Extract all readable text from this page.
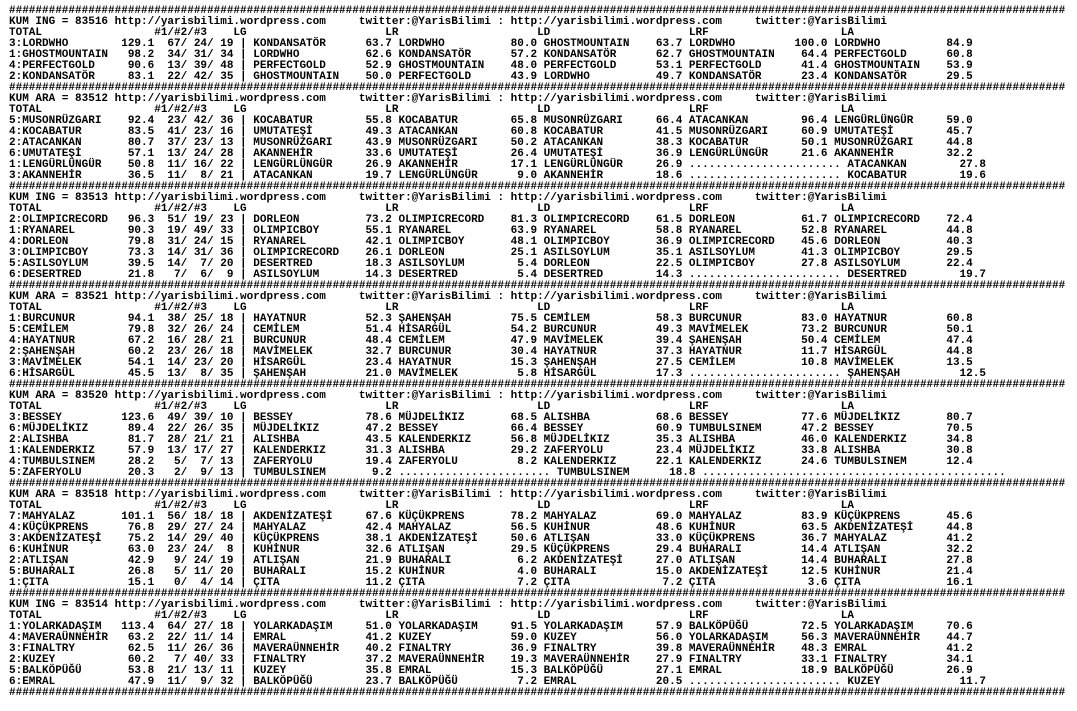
################################################################################################################################################################
KUM ING = 83516 http://yarisbilimi.wordpress.com     twitter:@YarisBilimi : http://yarisbilimi.wordpress.com     twitter:@YarisBilimi
TOTAL                 #1/#2/#3    LG                     LR                     LD                     LRF                    LA
3:LORDWHO        129.1  67/ 24/ 19 | KONDANSATÖR      63.7 LORDWHO          80.0 GHOSTMOUNTAIN    63.7 LORDWHO         100.0 LORDWHO          84.9
1:GHOSTMOUNTAIN   98.2  34/ 31/ 34 | LORDWHO          62.6 KONDANSATÖR      57.2 KONDANSATÖR      62.7 GHOSTMOUNTAIN    64.4 PERFECTGOLD      60.8
4:PERFECTGOLD     90.6  13/ 39/ 48 | PERFECTGOLD      52.9 GHOSTMOUNTAIN    48.0 PERFECTGOLD      53.1 PERFECTGOLD      41.4 GHOSTMOUNTAIN    53.9
2:KONDANSATÖR     83.1  22/ 42/ 35 | GHOSTMOUNTAIN    50.0 PERFECTGOLD      43.9 LORDWHO          49.7 KONDANSATÖR      23.4 KONDANSATÖR      29.5
################################################################################################################################################################
KUM ARA = 83512 http://yarisbilimi.wordpress.com     twitter:@YarisBilimi : http://yarisbilimi.wordpress.com     twitter:@YarisBilimi
TOTAL                 #1/#2/#3    LG                     LR                     LD                     LRF                    LA
5:MUSONRÜZGARI    92.4  23/ 42/ 36 | KOCABATUR        55.8 KOCABATUR        65.8 MUSONRÜZGARI     66.4 ATACANKAN        96.4 LENGÜRLÜNGÜR     59.0
4:KOCABATUR       83.5  41/ 23/ 16 | UMUTATEŞİ        49.3 ATACANKAN        60.8 KOCABATUR        41.5 MUSONRÜZGARI     60.9 UMUTATEŞİ        45.7
2:ATACANKAN       80.7  37/ 23/ 13 | MUSONRÜZGARI     43.9 MUSONRÜZGARI     50.2 ATACANKAN        38.3 KOCABATUR        50.1 MUSONRÜZGARI     44.8
6:UMUTATEŞİ       57.1  13/ 24/ 28 | AKANNEHİR        33.6 UMUTATEŞİ        26.4 UMUTATEŞİ        36.9 LENGÜRLÜNGÜR     21.6 AKANNEHİR        32.2
1:LENGÜRLÜNGÜR    50.8  11/ 16/ 22 | LENGÜRLÜNGÜR     26.9 AKANNEHİR        17.1 LENGÜRLÜNGÜR     26.9 ....................... ATACANKAN        27.8
3:AKANNEHİR       36.5  11/  8/ 21 | ATACANKAN        19.7 LENGÜRLÜNGÜR      9.0 AKANNEHİR        18.6 ....................... KOCABATUR        19.6
################################################################################################################################################################
KUM ING = 83513 http://yarisbilimi.wordpress.com     twitter:@YarisBilimi : http://yarisbilimi.wordpress.com     twitter:@YarisBilimi
TOTAL                 #1/#2/#3    LG                     LR                     LD                     LRF                    LA
2:OLIMPICRECORD   96.3  51/ 19/ 23 | DORLEON          73.2 OLIMPICRECORD    81.3 OLIMPICRECORD    61.5 DORLEON          61.7 OLIMPICRECORD    72.4
1:RYANAREL        90.3  19/ 49/ 33 | OLIMPICBOY       55.1 RYANAREL         63.9 RYANAREL         58.8 RYANAREL         52.8 RYANAREL         44.8
4:DORLEON         79.8  31/ 24/ 15 | RYANAREL         42.1 OLIMPICBOY       48.1 OLIMPICBOY       36.9 OLIMPICRECORD    45.6 DORLEON          40.3
3:OLIMPICBOY      73.3  14/ 31/ 36 | OLIMPICRECORD    26.1 DORLEON          25.1 ASILSOYLUM       35.1 ASILSOYLUM       41.3 OLIMPICBOY       29.5
5:ASILSOYLUM      39.5  14/  7/ 20 | DESERTRED        18.3 ASILSOYLUM        5.4 DORLEON          22.5 OLIMPICBOY       27.8 ASILSOYLUM       22.4
6:DESERTRED       21.8   7/  6/  9 | ASILSOYLUM       14.3 DESERTRED         5.4 DESERTRED        14.3 ....................... DESERTRED        19.7
################################################################################################################################################################
KUM ARA = 83521 http://yarisbilimi.wordpress.com     twitter:@YarisBilimi : http://yarisbilimi.wordpress.com     twitter:@YarisBilimi
TOTAL                 #1/#2/#3    LG                     LR                     LD                     LRF                    LA
1:BURCUNUR        94.1  38/ 25/ 18 | HAYATNUR         52.3 ŞAHENŞAH         75.5 CEMİLEM          58.3 BURCUNUR         83.0 HAYATNUR         60.8
5:CEMİLEM         79.8  32/ 26/ 24 | CEMİLEM          51.4 HİSARGÜL         54.2 BURCUNUR         49.3 MAVİMELEK        73.2 BURCUNUR         50.1
4:HAYATNUR        67.2  16/ 28/ 21 | BURCUNUR         48.4 CEMİLEM          47.9 MAVİMELEK        39.4 ŞAHENŞAH         50.4 CEMİLEM          47.4
2:ŞAHENŞAH        60.2  23/ 26/ 18 | MAVİMELEK        32.7 BURCUNUR         30.4 HAYATNUR         37.3 HAYATNUR         11.7 HİSARGÜL         44.8
3:MAVİMELEK       54.1  14/ 23/ 20 | HİSARGÜL         23.4 HAYATNUR         15.3 ŞAHENŞAH         27.5 CEMİLEM          10.8 MAVİMELEK        13.5
6:HİSARGÜL        45.5  13/  8/ 35 | ŞAHENŞAH         21.0 MAVİMELEK         5.8 HİSARGÜL         17.3 ....................... ŞAHENŞAH         12.5
################################################################################################################################################################
KUM ARA = 83520 http://yarisbilimi.wordpress.com     twitter:@YarisBilimi : http://yarisbilimi.wordpress.com     twitter:@YarisBilimi
TOTAL                 #1/#2/#3    LG                     LR                     LD                     LRF                    LA
3:BESSEY         123.6  49/ 39/ 10 | BESSEY           78.6 MÜJDELİKIZ       68.5 ALISHBA          68.6 BESSEY           77.6 MÜJDELİKIZ       80.7
6:MÜJDELİKIZ      89.4  22/ 26/ 35 | MÜJDELİKIZ       47.2 BESSEY           66.4 BESSEY           60.9 TUMBULSINEM      47.2 BESSEY           70.5
2:ALISHBA         81.7  28/ 21/ 21 | ALISHBA          43.5 KALENDERKIZ      56.8 MÜJDELİKIZ       35.3 ALISHBA          46.0 KALENDERKIZ      34.8
1:KALENDERKIZ     57.9  13/ 17/ 27 | KALENDERKIZ      31.3 ALISHBA          29.2 ZAFERYOLU        23.4 MÜJDELİKIZ       33.8 ALISHBA          30.8
4:TUMBULSINEM     28.2   5/  7/ 13 | ZAFERYOLU        19.4 ZAFERYOLU         8.2 KALENDERKIZ      22.1 KALENDERKIZ      24.6 TUMBULSINEM      12.4
5:ZAFERYOLU       20.3   2/  9/ 13 | TUMBULSINEM       9.2 ....................... TUMBULSINEM      18.8 ..............................................
################################################################################################################################################################
KUM ARA = 83518 http://yarisbilimi.wordpress.com     twitter:@YarisBilimi : http://yarisbilimi.wordpress.com     twitter:@YarisBilimi
TOTAL                 #1/#2/#3    LG                     LR                     LD                     LRF                    LA
7:MAHYALAZ       101.1  56/ 18/ 18 | AKDENİZATEŞİ     67.6 KÜÇÜKPRENS       78.2 MAHYALAZ         69.0 MAHYALAZ         83.9 KÜÇÜKPRENS       45.6
4:KÜÇÜKPRENS      76.8  29/ 27/ 24 | MAHYALAZ         42.4 MAHYALAZ         56.5 KUHİNUR          48.6 KUHİNUR          63.5 AKDENİZATEŞİ     44.8
3:AKDENİZATEŞİ    75.2  14/ 29/ 40 | KÜÇÜKPRENS       38.1 AKDENİZATEŞİ     50.6 ATLIŞAN          33.0 KÜÇÜKPRENS       36.7 MAHYALAZ         41.2
6:KUHİNUR         63.0  23/ 24/  8 | KUHİNUR          32.6 ATLIŞAN          29.5 KÜÇÜKPRENS       29.4 BUHARALI         14.4 ATLIŞAN          32.2
2:ATLIŞAN         42.9   9/ 24/ 19 | ATLIŞAN          21.9 BUHARALI          6.2 AKDENİZATEŞİ     27.0 ATLIŞAN          14.4 BUHARALI         27.8
5:BUHARALI        26.8   5/ 11/ 20 | BUHARALI         15.2 KUHİNUR           4.0 BUHARALI         15.0 AKDENİZATEŞİ     12.5 KUHİNUR          21.4
1:ÇITA            15.1   0/  4/ 14 | ÇITA             11.2 ÇITA              7.2 ÇITA              7.2 ÇITA              3.6 ÇITA             16.1
################################################################################################################################################################
KUM ING = 83514 http://yarisbilimi.wordpress.com     twitter:@YarisBilimi : http://yarisbilimi.wordpress.com     twitter:@YarisBilimi
TOTAL                 #1/#2/#3    LG                     LR                     LD                     LRF                    LA
1:YOLARKADAŞIM   113.4  64/ 27/ 18 | YOLARKADAŞIM     51.0 YOLARKADAŞIM     91.5 YOLARKADAŞIM     57.9 BALKÖPÜĞÜ        72.5 YOLARKADAŞIM     70.6
4:MAVERAÜNNEHİR   63.2  22/ 11/ 14 | EMRAL            41.2 KUZEY            59.0 KUZEY            56.0 YOLARKADAŞIM     56.3 MAVERAÜNNEHİR    44.7
3:FINALTRY        62.5  11/ 26/ 36 | MAVERAÜNNEHİR    40.2 FINALTRY         36.9 FINALTRY         39.8 MAVERAÜNNEHİR    48.3 EMRAL            41.2
2:KUZEY           60.2   7/ 40/ 33 | FINALTRY         37.2 MAVERAÜNNEHİR    19.3 MAVERAÜNNEHİR    27.9 FINALTRY         33.1 FINALTRY         34.1
5:BALKÖPÜĞÜ       53.8  21/ 13/ 11 | KUZEY            35.8 EMRAL            15.3 BALKÖPÜĞÜ        27.1 EMRAL            18.9 BALKÖPÜĞÜ        26.9
6:EMRAL           47.9  11/  9/ 32 | BALKÖPÜĞÜ        23.7 BALKÖPÜĞÜ         7.2 EMRAL            20.5 ....................... KUZEY            11.7
################################################################################################################################################################
